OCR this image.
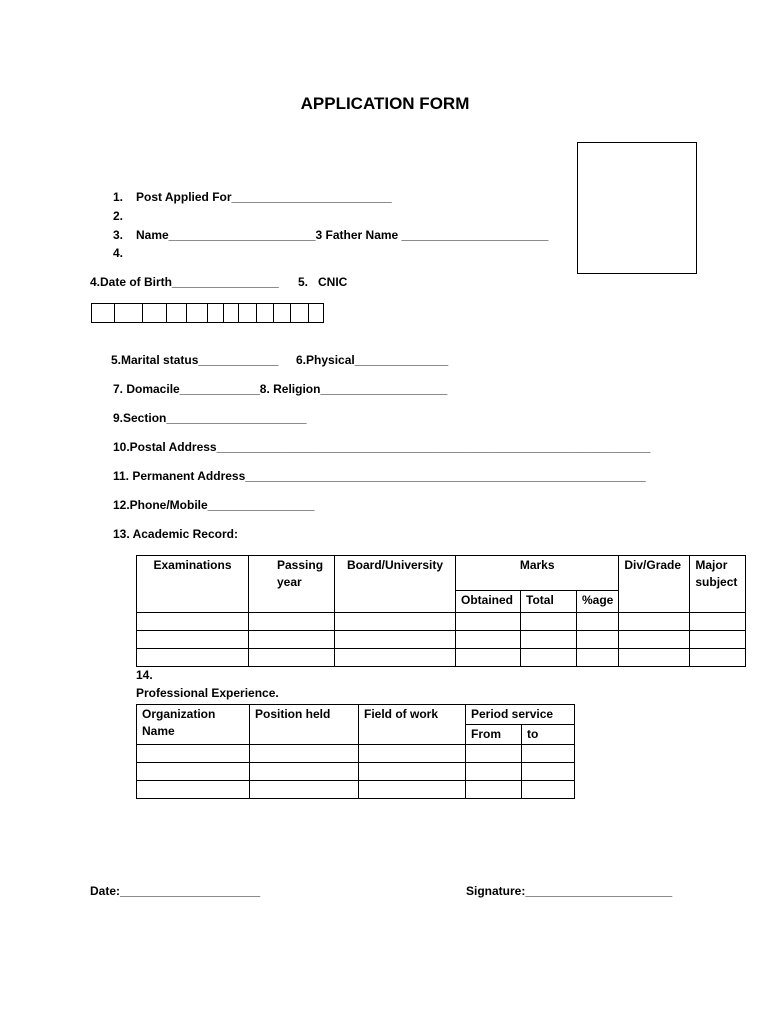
APPLICATION FORM
1. Post Applied For________________________
2.
3. Name______________________3 Father Name ______________________
4.
4.Date of Birth________________ 5. CNIC
5.Marital status____________ 6.Physical______________
7. Domacile____________8. Religion___________________
9.Section_____________________
10.Postal Address_________________________________________________________________
11. Permanent Address____________________________________________________________
12.Phone/Mobile________________
13. Academic Record:
Examinations	Passing year	Board/University	Marks			Div/Grade	Major subject
			Obtained	Total	%age		

14.
Professional Experience.
Organization Name	Position held	Field of work	Period service	
			From	to

Date:_____________________	Signature:______________________
